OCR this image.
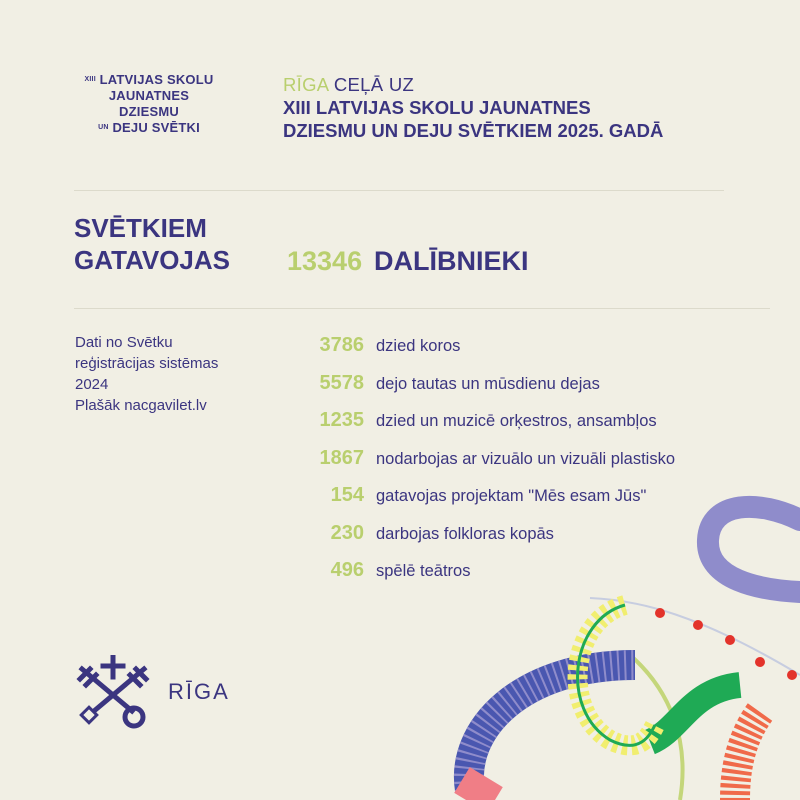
$^{XIII}$ LATVIJAS SKOLU
JAUNATNES
DZIESMU
$^{UN}$ DEJU SVĒTKI
RĪGA CEĻĀ UZ
XIII LATVIJAS SKOLU JAUNATNES
DZIESMU UN DEJU SVĒTKIEM 2025. GADĀ
SVĒTKIEM
GATAVOJAS 13346 DALĪBNIEKI
Dati no Svētku
reģistrācijas sistēmas
2024
Plašāk nacgavilet.lv
3786 dzied koros
5578 dejo tautas un mūsdienu dejas
1235 dzied un muzicē orķestros, ansambļos
1867 nodarbojas ar vizuālo un vizuāli plastisko
154 gatavojas projektam "Mēs esam Jūs"
230 darbojas folkloras kopās
496 spēlē teātros
RĪGA
